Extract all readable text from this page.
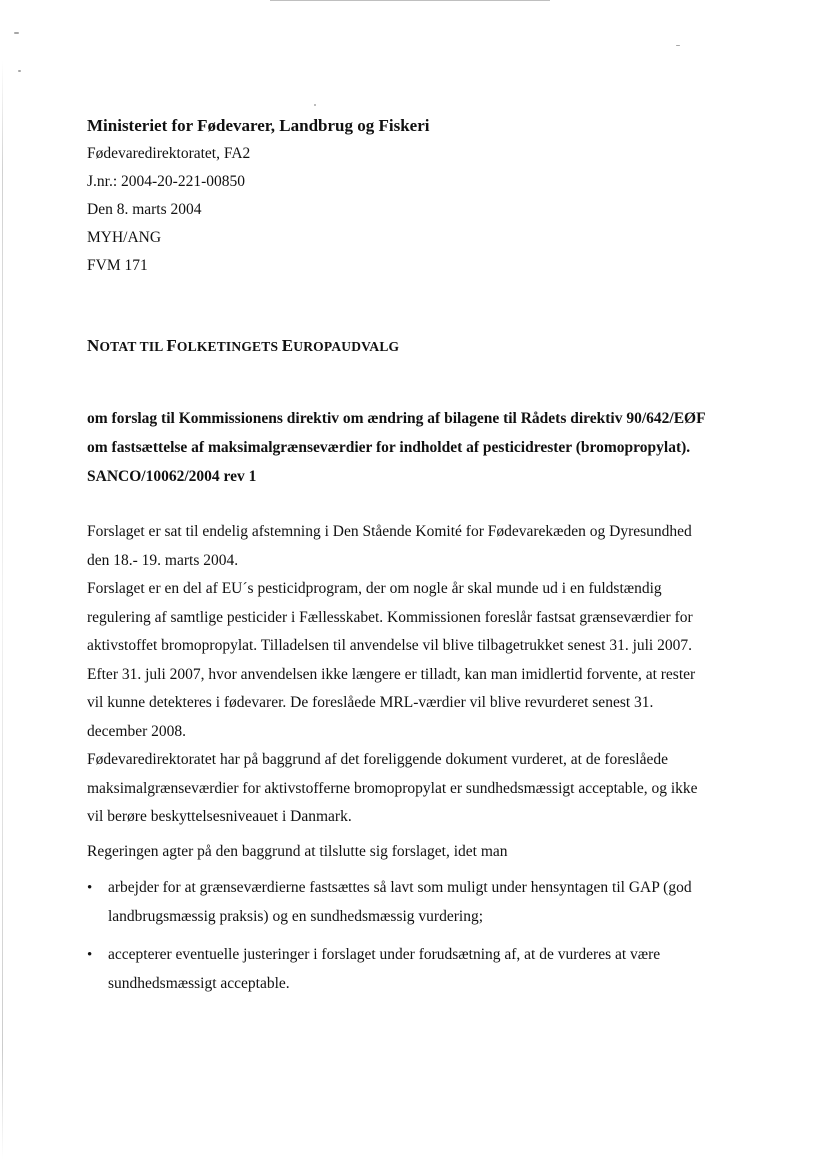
Ministeriet for Fødevarer, Landbrug og Fiskeri

Fødevaredirektoratet, FA2

J.nr.: 2004-20-221-00850

Den 8. marts 2004

MYH/ANG

FVM 171

NOTAT TIL FOLKETINGETS EUROPAUDVALG
om forslag til Kommissionens direktiv om ændring af bilagene til Rådets direktiv 90/642/EØF
om fastsættelse af maksimalgrænseværdier for indholdet af pesticidrester (bromopropylat).
SANCO/10062/2004 rev 1

Forslaget er sat til endelig afstemning i Den Stående Komité for Fødevarekæden og Dyresundhed
den 18.- 19. marts 2004.

Forslaget er en del af EU´s pesticidprogram, der om nogle år skal munde ud i en fuldstændig
regulering af samtlige pesticider i Fællesskabet. Kommissionen foreslår fastsat grænseværdier for
aktivstoffet bromopropylat. Tilladelsen til anvendelse vil blive tilbagetrukket senest 31. juli 2007.
Efter 31. juli 2007, hvor anvendelsen ikke længere er tilladt, kan man imidlertid forvente, at rester
vil kunne detekteres i fødevarer. De foreslåede MRL-værdier vil blive revurderet senest 31.
december 2008.

Fødevaredirektoratet har på baggrund af det foreliggende dokument vurderet, at de foreslåede
maksimalgrænseværdier for aktivstofferne bromopropylat er sundhedsmæssigt acceptable, og ikke
vil berøre beskyttelsesniveauet i Danmark.

Regeringen agter på den baggrund at tilslutte sig forslaget, idet man

•	arbejder for at grænseværdierne fastsættes så lavt som muligt under hensyntagen til GAP (god
landbrugsmæssig praksis) og en sundhedsmæssig vurdering;
•	accepterer eventuelle justeringer i forslaget under forudsætning af, at de vurderes at være
sundhedsmæssigt acceptable.
